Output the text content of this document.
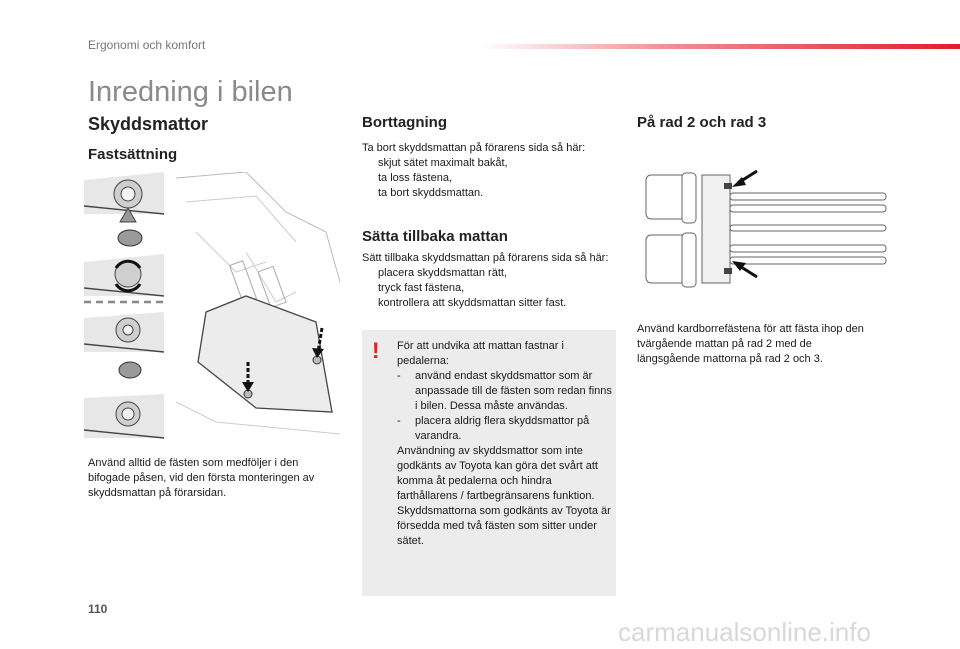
Ergonomi och komfort
Inredning i bilen
Skyddsmattor
Fastsättning

Använd alltid de fästen som medföljer i den bifogade påsen, vid den första monteringen av skyddsmattan på förarsidan.

Borttagning

Ta bort skyddsmattan på förarens sida så här:

skjut sätet maximalt bakåt,
ta loss fästena,
ta bort skyddsmattan.
Sätta tillbaka mattan

Sätt tillbaka skyddsmattan på förarens sida så här:

placera skyddsmattan rätt,
tryck fast fästena,
kontrollera att skyddsmattan sitter fast.
! För att undvika att mattan fastnar i pedalerna:
- använd endast skyddsmattor som är anpassade till de fästen som redan finns i bilen. Dessa måste användas.
- placera aldrig flera skyddsmattor på varandra.
Användning av skyddsmattor som inte godkänts av Toyota kan göra det svårt att komma åt pedalerna och hindra farthållarens / fartbegränsarens funktion.
Skyddsmattorna som godkänts av Toyota är försedda med två fästen som sitter under sätet.
På rad 2 och rad 3

Använd kardborrefästena för att fästa ihop den tvärgående mattan på rad 2 med de längsgående mattorna på rad 2 och 3.

110
carmanualsonline.info
